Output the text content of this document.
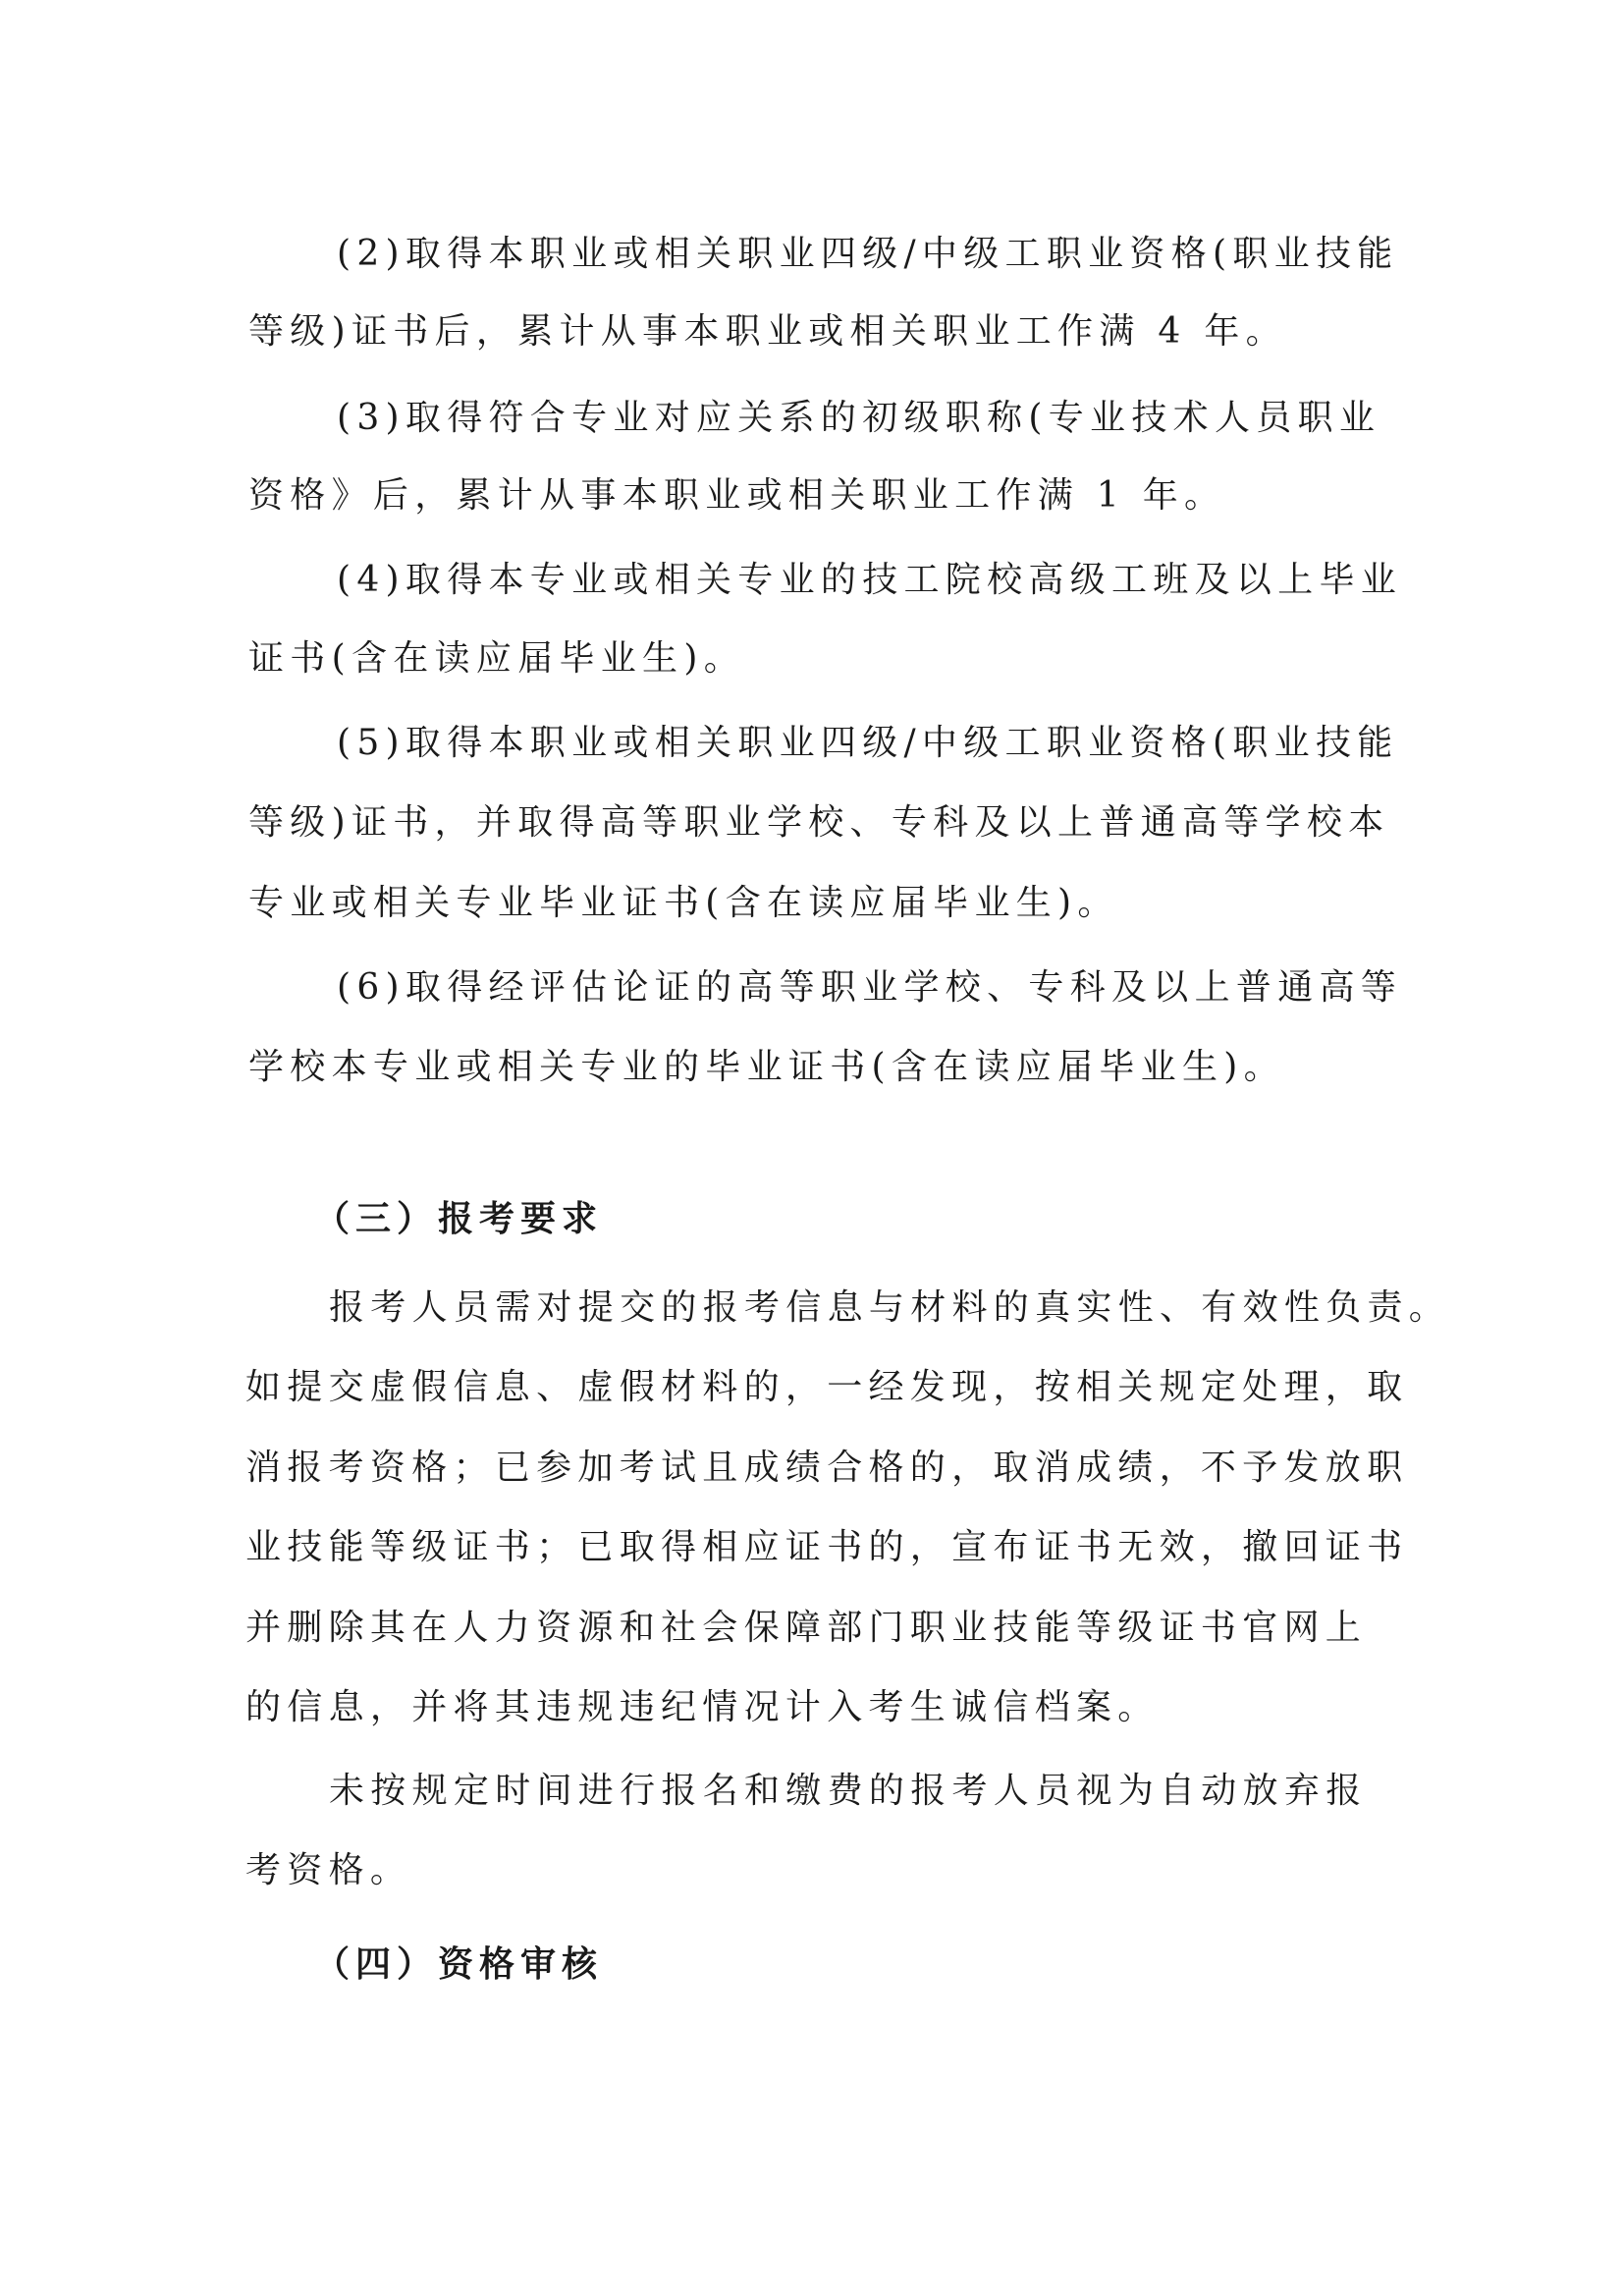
(2)取得本职业或相关职业四级/中级工职业资格(职业技能
等级)证书后，累计从事本职业或相关职业工作满 4 年。
(3)取得符合专业对应关系的初级职称(专业技术人员职业
资格》后，累计从事本职业或相关职业工作满 1 年。
(4)取得本专业或相关专业的技工院校高级工班及以上毕业
证书(含在读应届毕业生)。
(5)取得本职业或相关职业四级/中级工职业资格(职业技能
等级)证书，并取得高等职业学校、专科及以上普通高等学校本
专业或相关专业毕业证书(含在读应届毕业生)。
(6)取得经评估论证的高等职业学校、专科及以上普通高等
学校本专业或相关专业的毕业证书(含在读应届毕业生)。
（三）报考要求
报考人员需对提交的报考信息与材料的真实性、有效性负责。
如提交虚假信息、虚假材料的，一经发现，按相关规定处理，取
消报考资格；已参加考试且成绩合格的，取消成绩，不予发放职
业技能等级证书；已取得相应证书的，宣布证书无效，撤回证书
并删除其在人力资源和社会保障部门职业技能等级证书官网上
的信息，并将其违规违纪情况计入考生诚信档案。
未按规定时间进行报名和缴费的报考人员视为自动放弃报
考资格。
（四）资格审核
